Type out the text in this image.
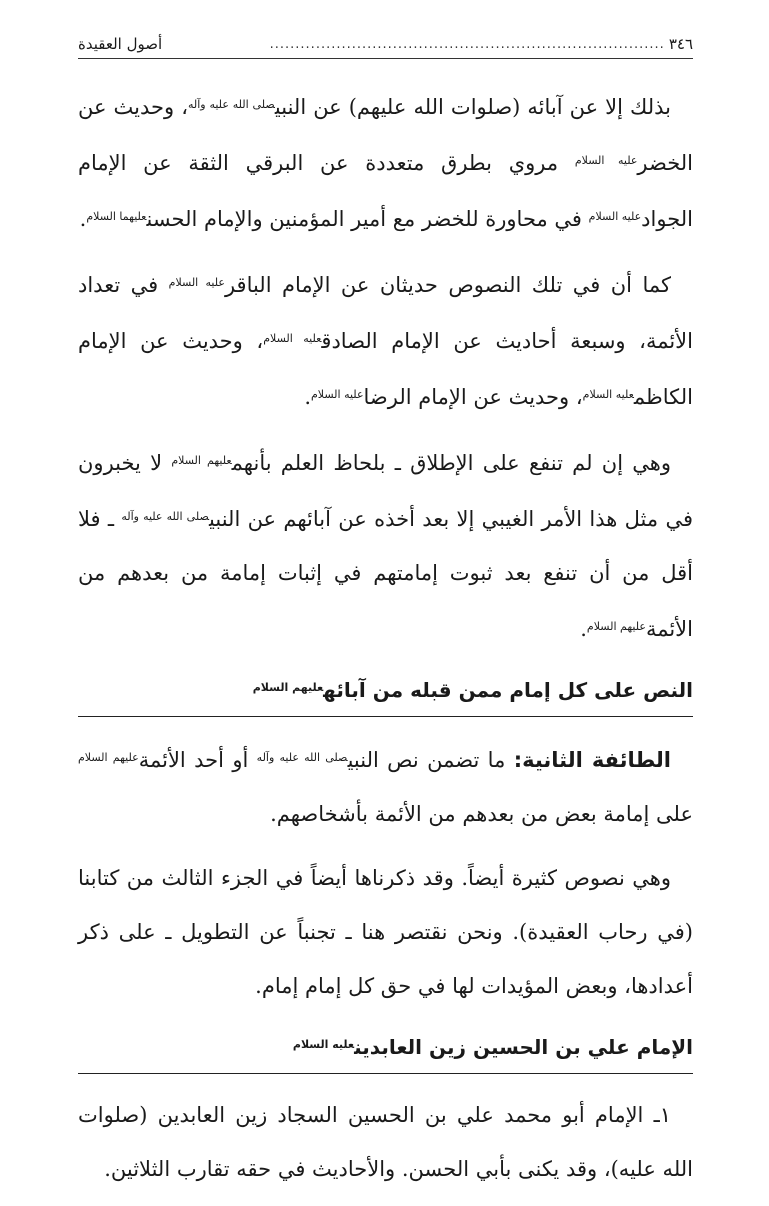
٣٤٦
.............................................................................
أصول العقيدة

بذلك إلا عن آبائه (صلوات الله عليهم) عن النبي$^{صلى الله عليه وآله}$، وحديث عن الخضر$^{عليه السلام}$ مروي بطرق متعددة عن البرقي الثقة عن الإمام الجواد$^{عليه السلام}$ في محاورة للخضر مع أمير المؤمنين والإمام الحسن$^{عليهما السلام}$.

كما أن في تلك النصوص حديثان عن الإمام الباقر$^{عليه السلام}$ في تعداد الأئمة، وسبعة أحاديث عن الإمام الصادق$^{عليه السلام}$، وحديث عن الإمام الكاظم$^{عليه السلام}$، وحديث عن الإمام الرضا$^{عليه السلام}$.

وهي إن لم تنفع على الإطلاق ـ بلحاظ العلم بأنهم$^{عليهم السلام}$ لا يخبرون في مثل هذا الأمر الغيبي إلا بعد أخذه عن آبائهم عن النبي$^{صلى الله عليه وآله}$ ـ فلا أقل من أن تنفع بعد ثبوت إمامتهم في إثبات إمامة من بعدهم من الأئمة$^{عليهم السلام}$.

النص على كل إمام ممن قبله من آبائه$^{عليهم السلام}$

الطائفة الثانية: ما تضمن نص النبي$^{صلى الله عليه وآله}$ أو أحد الأئمة$^{عليهم السلام}$ على إمامة بعض من بعدهم من الأئمة بأشخاصهم.

وهي نصوص كثيرة أيضاً. وقد ذكرناها أيضاً في الجزء الثالث من كتابنا (في رحاب العقيدة). ونحن نقتصر هنا ـ تجنباً عن التطويل ـ على ذكر أعدادها، وبعض المؤيدات لها في حق كل إمام إمام.

الإمام علي بن الحسين زين العابدين$^{عليه السلام}$

١ـ الإمام أبو محمد علي بن الحسين السجاد زين العابدين (صلوات الله عليه)، وقد يكنى بأبي الحسن. والأحاديث في حقه تقارب الثلاثين.
